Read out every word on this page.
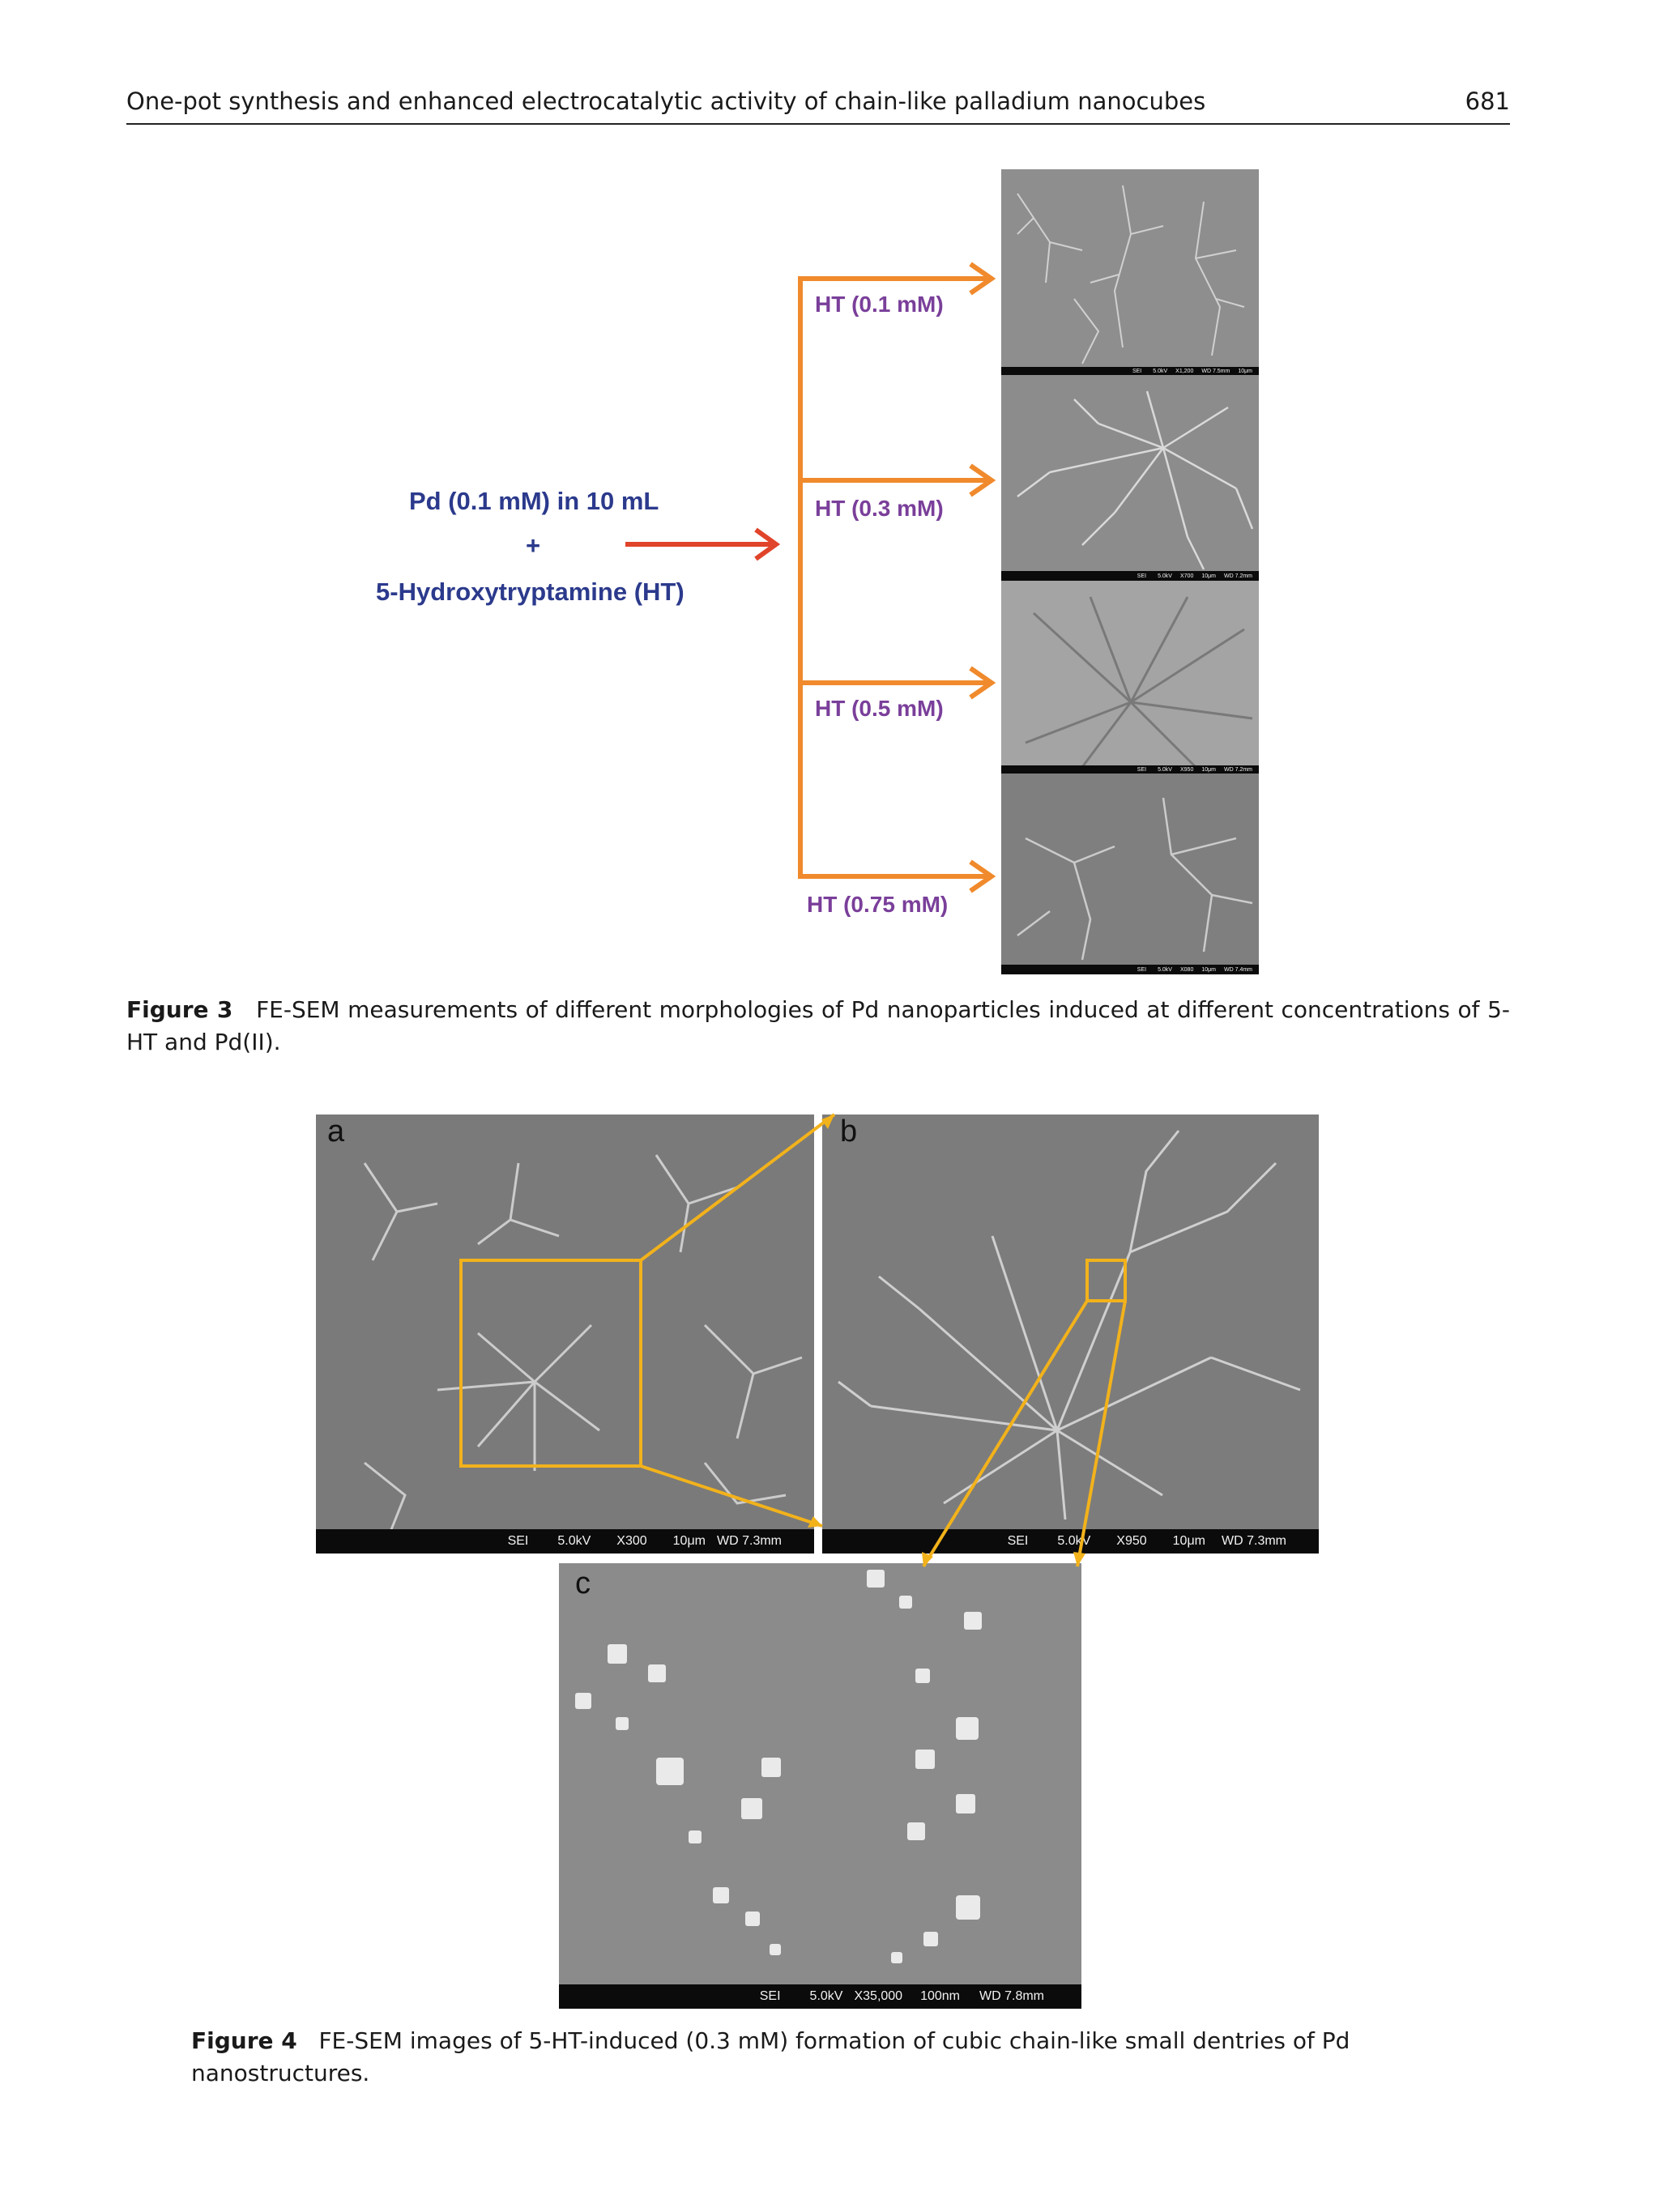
One-pot synthesis and enhanced electrocatalytic activity of chain-like palladium nanocubes	681
Pd (0.1 mM) in 10 mL
+
5-Hydroxytryptamine (HT)
HT (0.1 mM)
HT (0.3 mM)
HT (0.5 mM)
HT (0.75 mM)
SEI 5.0kV X1,200 WD 7.5mm 10μm
SEI 5.0kV X700 10μm WD 7.2mm
SEI 5.0kV X950 10μm WD 7.2mm
SEI 5.0kV X080 10μm WD 7.4mm
Figure 3 FE-SEM measurements of different morphologies of Pd nanoparticles induced at different concentrations of 5-HT and Pd(II).
a
SEI 5.0kV X300 10μm WD 7.3mm
b
SEI 5.0kV X950 10μm WD 7.3mm
c
SEI 5.0kV X35,000 100nm WD 7.8mm
Figure 4 FE-SEM images of 5-HT-induced (0.3 mM) formation of cubic chain-like small dentries of Pd nanostructures.
